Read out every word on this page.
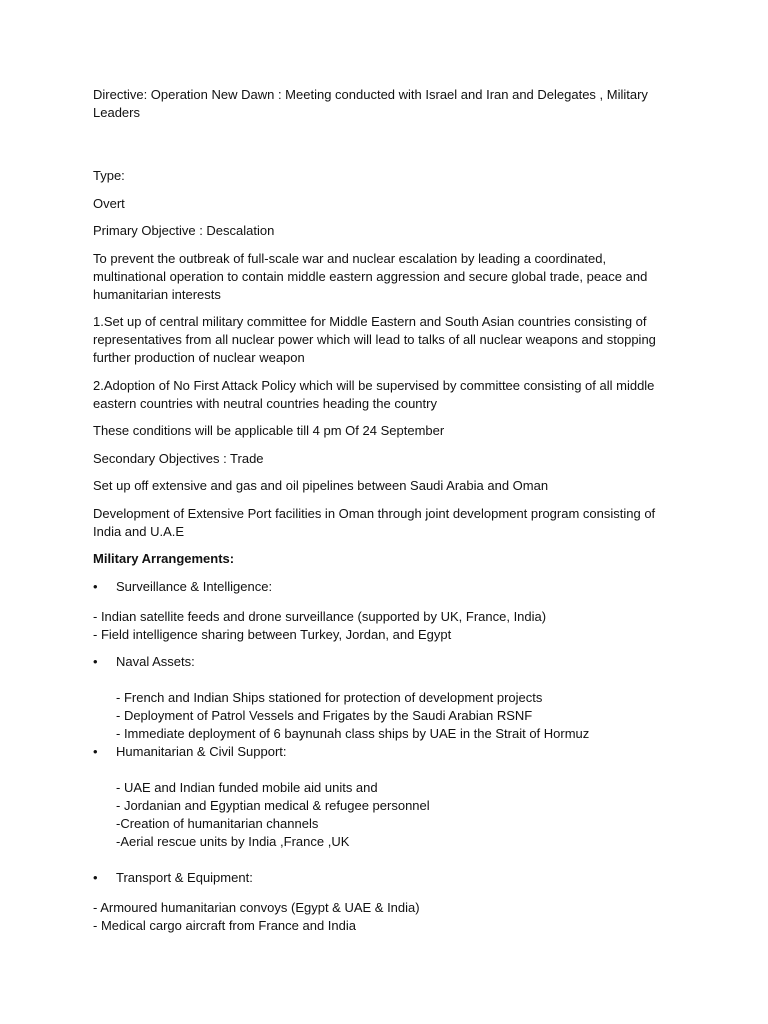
Directive: Operation New Dawn : Meeting conducted with Israel and Iran and Delegates , Military Leaders

Type:

Overt

Primary Objective : Descalation

To prevent the outbreak of full-scale war and nuclear escalation by leading a coordinated, multinational operation to contain middle eastern aggression and secure global trade, peace and humanitarian interests

1.Set up of central military committee for Middle Eastern and South Asian countries consisting of representatives from all nuclear power which will lead to talks of all nuclear weapons and stopping further production of nuclear weapon

2.Adoption of No First Attack Policy which will be supervised by committee consisting of all middle eastern countries with neutral countries heading the country

These conditions will be applicable till 4 pm Of 24 September

Secondary Objectives : Trade

Set up off extensive and gas and oil pipelines between Saudi Arabia and Oman

Development of Extensive Port facilities in Oman through joint development program consisting of India and U.A.E

Military Arrangements:

• Surveillance & Intelligence:

- Indian satellite feeds and drone surveillance (supported by UK, France, India)

- Field intelligence sharing between Turkey, Jordan, and Egypt

• Naval Assets:

- French and Indian Ships stationed for protection of development projects

- Deployment of Patrol Vessels and Frigates by the Saudi Arabian RSNF

- Immediate deployment of 6 baynunah class ships by UAE in the Strait of Hormuz

• Humanitarian & Civil Support:

- UAE and Indian funded mobile aid units and

- Jordanian and Egyptian medical & refugee personnel

-Creation of humanitarian channels

-Aerial rescue units by India ,France ,UK

• Transport & Equipment:

- Armoured humanitarian convoys (Egypt & UAE & India)

- Medical cargo aircraft from France and India
